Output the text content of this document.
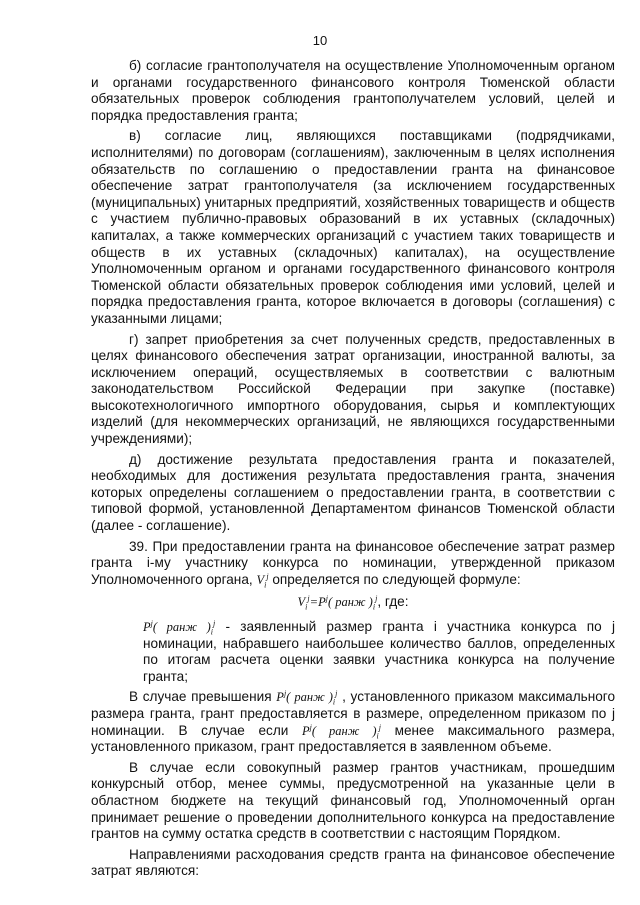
10

б) согласие грантополучателя на осуществление Уполномоченным органом и органами государственного финансового контроля Тюменской области обязательных проверок соблюдения грантополучателем условий, целей и порядка предоставления гранта;

в) согласие лиц, являющихся поставщиками (подрядчиками, исполнителями) по договорам (соглашениям), заключенным в целях исполнения обязательств по соглашению о предоставлении гранта на финансовое обеспечение затрат грантополучателя (за исключением государственных (муниципальных) унитарных предприятий, хозяйственных товариществ и обществ с участием публично-правовых образований в их уставных (складочных) капиталах, а также коммерческих организаций с участием таких товариществ и обществ в их уставных (складочных) капиталах), на осуществление Уполномоченным органом и органами государственного финансового контроля Тюменской области обязательных проверок соблюдения ими условий, целей и порядка предоставления гранта, которое включается в договоры (соглашения) с указанными лицами;

г) запрет приобретения за счет полученных средств, предоставленных в целях финансового обеспечения затрат организации, иностранной валюты, за исключением операций, осуществляемых в соответствии с валютным законодательством Российской Федерации при закупке (поставке) высокотехнологичного импортного оборудования, сырья и комплектующих изделий (для некоммерческих организаций, не являющихся государственными учреждениями);

д) достижение результата предоставления гранта и показателей, необходимых для достижения результата предоставления гранта, значения которых определены соглашением о предоставлении гранта, в соответствии с типовой формой, установленной Департаментом финансов Тюменской области (далее - соглашение).

39. При предоставлении гранта на финансовое обеспечение затрат размер гранта i-му участнику конкурса по номинации, утвержденной приказом Уполномоченного органа, $V_i^j$ определяется по следующей формуле:

$V_i^j=P^j$( ранж )$_i^j$, где:

$P^j$( ранж )$_i^j$ - заявленный размер гранта i участника конкурса по j номинации, набравшего наибольшее количество баллов, определенных по итогам расчета оценки заявки участника конкурса на получение гранта;

В случае превышения $P^j$( ранж )$_i^j$ , установленного приказом максимального размера гранта, грант предоставляется в размере, определенном приказом по j номинации. В случае если $P^j$( ранж )$_i^j$ менее максимального размера, установленного приказом, грант предоставляется в заявленном объеме.

В случае если совокупный размер грантов участникам, прошедшим конкурсный отбор, менее суммы, предусмотренной на указанные цели в областном бюджете на текущий финансовый год, Уполномоченный орган принимает решение о проведении дополнительного конкурса на предоставление грантов на сумму остатка средств в соответствии с настоящим Порядком.

Направлениями расходования средств гранта на финансовое обеспечение затрат являются:
